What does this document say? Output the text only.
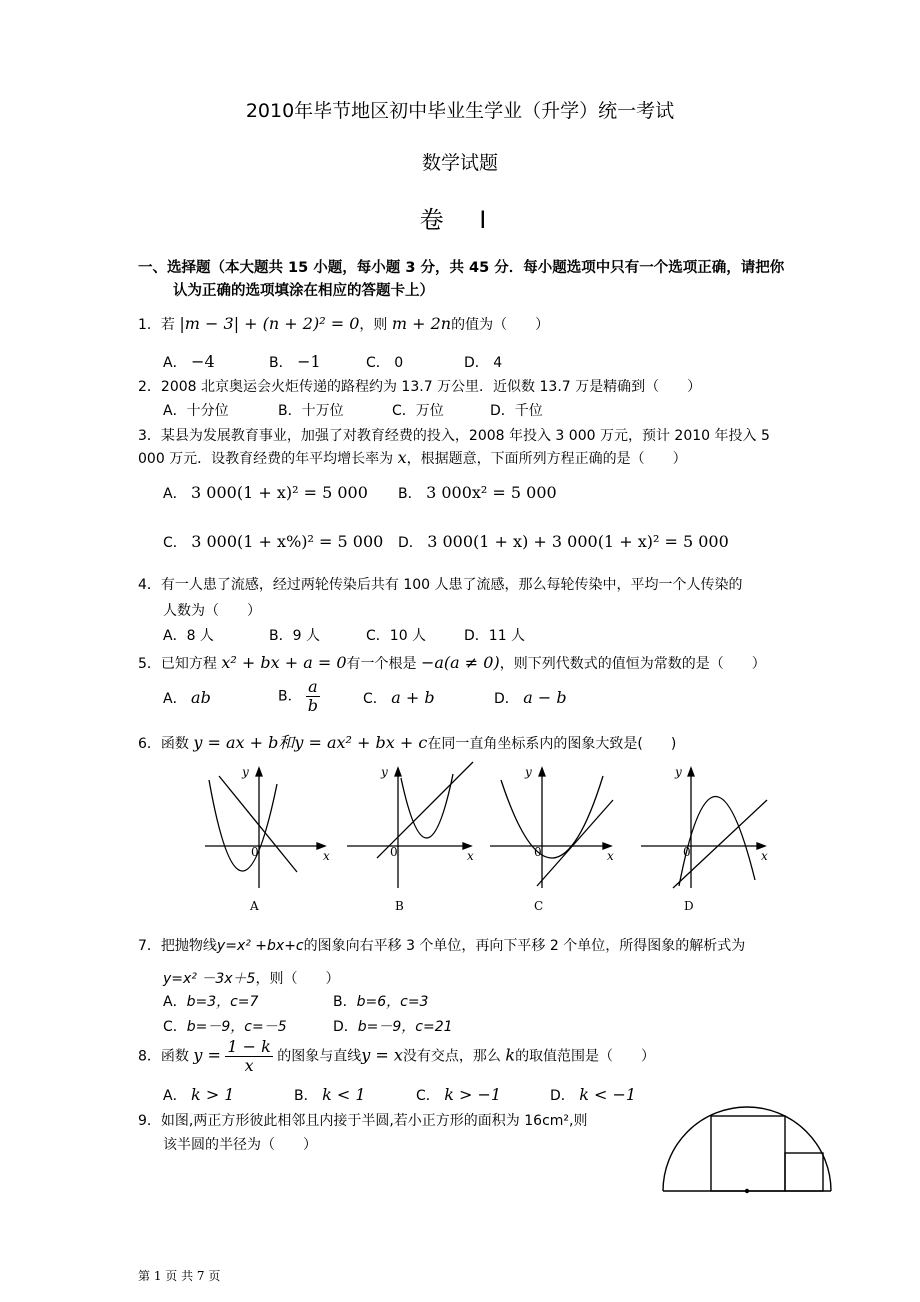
2010年毕节地区初中毕业生学业（升学）统一考试
数学试题
卷 I
一、选择题（本大题共 15 小题，每小题 3 分，共 45 分．每小题选项中只有一个选项正确，请把你
认为正确的选项填涂在相应的答题卡上）
1．若 |m − 3| + (n + 2)² = 0，则 m + 2n的值为（　　）
A． −4	B． −1	C． 0	D． 4
2．2008 北京奥运会火炬传递的路程约为 13.7 万公里．近似数 13.7 万是精确到（　　）
A．十分位	B．十万位	C．万位	D．千位
3．某县为发展教育事业，加强了对教育经费的投入，2008 年投入 3 000 万元，预计 2010 年投入 5
000 万元．设教育经费的年平均增长率为 x，根据题意，下面所列方程正确的是（　　）
A． 3 000(1 + x)² = 5 000 B． 3 000x² = 5 000
C． 3 000(1 + x%)² = 5 000 D． 3 000(1 + x) + 3 000(1 + x)² = 5 000
4．有一人患了流感，经过两轮传染后共有 100 人患了流感，那么每轮传染中，平均一个人传染的
人数为（　　）
A．8 人	B．9 人	C．10 人	D．11 人
5．已知方程 x² + bx + a = 0有一个根是 −a(a ≠ 0)，则下列代数式的值恒为常数的是（　　）
A． ab	B． $\frac{a}{b}$	C． a + b	D． a − b
6．函数 y = ax + b和y = ax² + bx + c在同一直角坐标系内的图象大致是(　　)
y
x
y
x
y
x
y
x
0	0	0	0
A	B	C	D
7．把抛物线y=x² +bx+c的图象向右平移 3 个单位，再向下平移 2 个单位，所得图象的解析式为
y=x² －3x＋5，则（　　）
A．b=3，c=7	B．b=6，c=3
C．b=－9，c=－5	D．b=－9，c=21
8．函数 $y = \frac{1 - k}{x}$ 的图象与直线y = x没有交点，那么 k的取值范围是（　　）
A． k > 1	B． k < 1	C． k > −1	D． k < −1
9．如图,两正方形彼此相邻且内接于半圆,若小正方形的面积为 16cm²,则
该半圆的半径为（　　）
第 1 页 共 7 页
